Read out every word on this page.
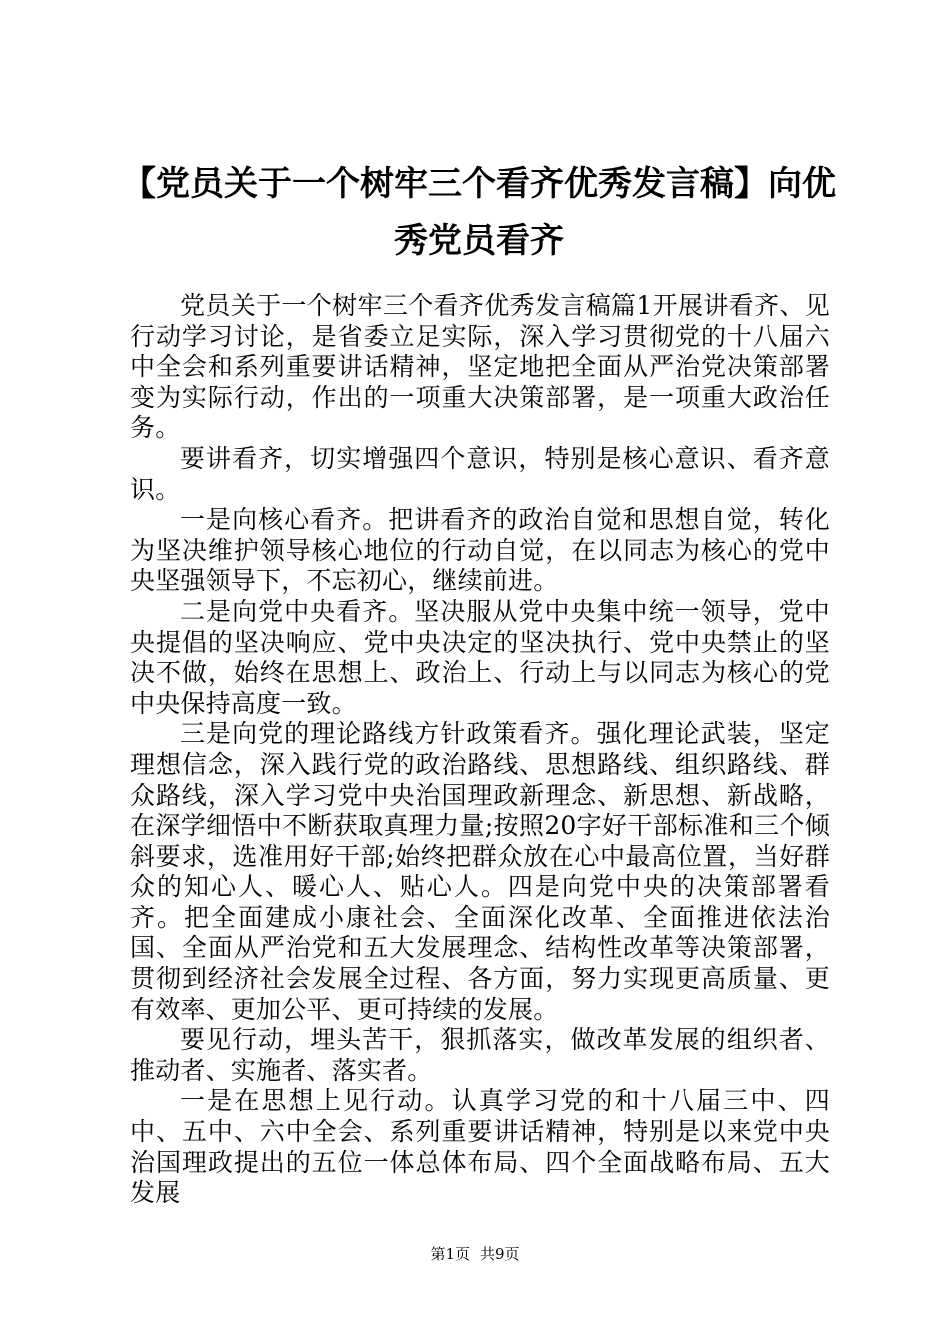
【党员关于一个树牢三个看齐优秀发言稿】向优秀党员看齐

党员关于一个树牢三个看齐优秀发言稿篇1开展讲看齐、见行动学习讨论，是省委立足实际，深入学习贯彻党的十八届六中全会和系列重要讲话精神，坚定地把全面从严治党决策部署变为实际行动，作出的一项重大决策部署，是一项重大政治任务。

要讲看齐，切实增强四个意识，特别是核心意识、看齐意识。

一是向核心看齐。把讲看齐的政治自觉和思想自觉，转化为坚决维护领导核心地位的行动自觉，在以同志为核心的党中央坚强领导下，不忘初心，继续前进。

二是向党中央看齐。坚决服从党中央集中统一领导，党中央提倡的坚决响应、党中央决定的坚决执行、党中央禁止的坚决不做，始终在思想上、政治上、行动上与以同志为核心的党中央保持高度一致。

三是向党的理论路线方针政策看齐。强化理论武装，坚定理想信念，深入践行党的政治路线、思想路线、组织路线、群众路线，深入学习党中央治国理政新理念、新思想、新战略，在深学细悟中不断获取真理力量;按照20字好干部标准和三个倾斜要求，选准用好干部;始终把群众放在心中最高位置，当好群众的知心人、暖心人、贴心人。四是向党中央的决策部署看齐。把全面建成小康社会、全面深化改革、全面推进依法治国、全面从严治党和五大发展理念、结构性改革等决策部署，贯彻到经济社会发展全过程、各方面，努力实现更高质量、更有效率、更加公平、更可持续的发展。

要见行动，埋头苦干，狠抓落实，做改革发展的组织者、推动者、实施者、落实者。

一是在思想上见行动。认真学习党的和十八届三中、四中、五中、六中全会、系列重要讲话精神，特别是以来党中央治国理政提出的五位一体总体布局、四个全面战略布局、五大发展

第1页 共9页
